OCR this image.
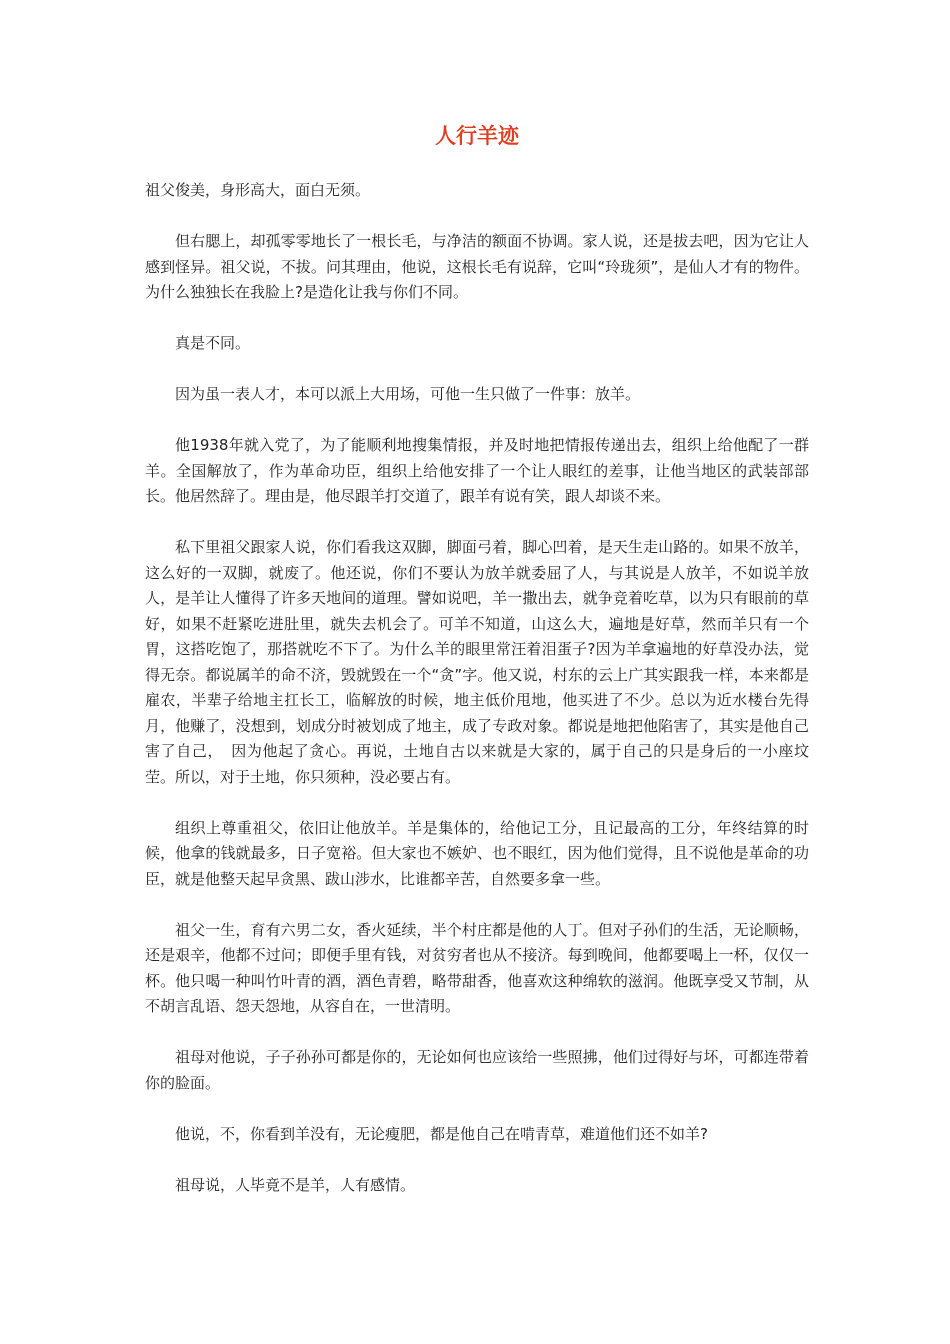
人行羊迹

祖父俊美，身形高大，面白无须。

但右腮上，却孤零零地长了一根长毛，与净洁的额面不协调。家人说，还是拔去吧，因为它让人感到怪异。祖父说，不拔。问其理由，他说，这根长毛有说辞，它叫“玲珑须”，是仙人才有的物件。为什么独独长在我脸上?是造化让我与你们不同。

真是不同。

因为虽一表人才，本可以派上大用场，可他一生只做了一件事：放羊。

他1938年就入党了，为了能顺利地搜集情报，并及时地把情报传递出去，组织上给他配了一群羊。全国解放了，作为革命功臣，组织上给他安排了一个让人眼红的差事，让他当地区的武装部部长。他居然辞了。理由是，他尽跟羊打交道了，跟羊有说有笑，跟人却谈不来。

私下里祖父跟家人说，你们看我这双脚，脚面弓着，脚心凹着，是天生走山路的。如果不放羊，这么好的一双脚，就废了。他还说，你们不要认为放羊就委屈了人，与其说是人放羊，不如说羊放人，是羊让人懂得了许多天地间的道理。譬如说吧，羊一撒出去，就争竞着吃草，以为只有眼前的草好，如果不赶紧吃进肚里，就失去机会了。可羊不知道，山这么大，遍地是好草，然而羊只有一个胃，这搭吃饱了，那搭就吃不下了。为什么羊的眼里常汪着泪蛋子?因为羊拿遍地的好草没办法，觉得无奈。都说属羊的命不济，毁就毁在一个“贪”字。他又说，村东的云上广其实跟我一样，本来都是雇农，半辈子给地主扛长工，临解放的时候，地主低价甩地，他买进了不少。总以为近水楼台先得月，他赚了，没想到，划成分时被划成了地主，成了专政对象。都说是地把他陷害了，其实是他自己害了自己，　因为他起了贪心。再说，土地自古以来就是大家的，属于自己的只是身后的一小座坟茔。所以，对于土地，你只须种，没必要占有。

组织上尊重祖父，依旧让他放羊。羊是集体的，给他记工分，且记最高的工分，年终结算的时候，他拿的钱就最多，日子宽裕。但大家也不嫉妒、也不眼红，因为他们觉得，且不说他是革命的功臣，就是他整天起早贪黑、跋山涉水，比谁都辛苦，自然要多拿一些。

祖父一生，育有六男二女，香火延续，半个村庄都是他的人丁。但对子孙们的生活，无论顺畅，还是艰辛，他都不过问；即便手里有钱，对贫穷者也从不接济。每到晚间，他都要喝上一杯，仅仅一杯。他只喝一种叫竹叶青的酒，酒色青碧，略带甜香，他喜欢这种绵软的滋润。他既享受又节制，从不胡言乱语、怨天怨地，从容自在，一世清明。

祖母对他说，子子孙孙可都是你的，无论如何也应该给一些照拂，他们过得好与坏，可都连带着你的脸面。

他说，不，你看到羊没有，无论瘦肥，都是他自己在啃青草，难道他们还不如羊?

祖母说，人毕竟不是羊，人有感情。
